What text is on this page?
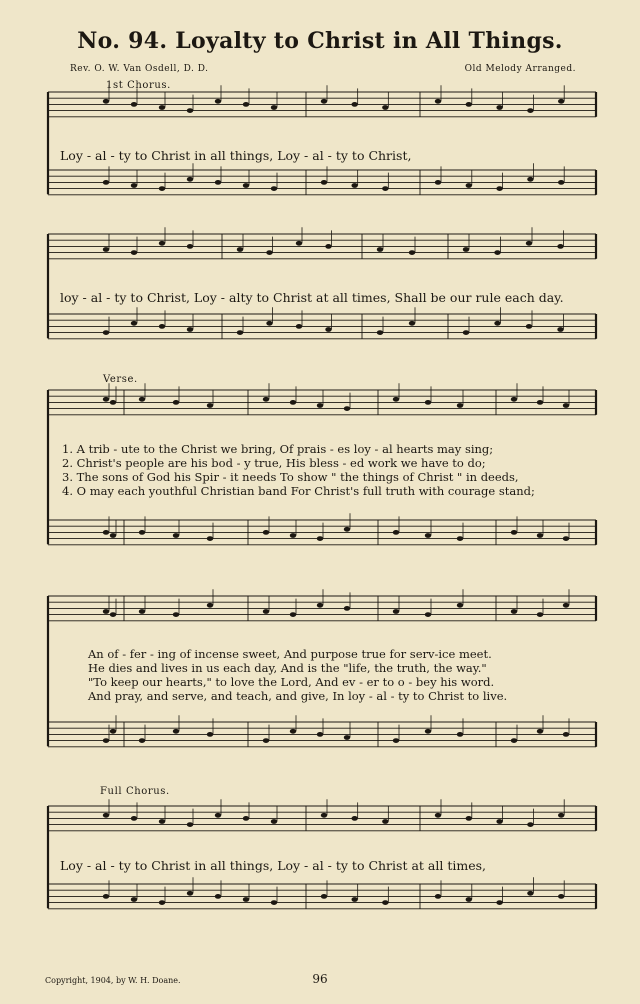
No. 94. Loyalty to Christ in All Things.
Rev. O. W. Van Osdell, D. D.	Old Melody Arranged.
1st Chorus.
Loy - al - ty to Christ in all things, Loy - al - ty to Christ,
loy - al - ty to Christ, Loy - alty to Christ at all times, Shall be our rule each day.
Verse.
1. A trib - ute to the Christ we bring, Of prais - es loy - al hearts may sing;
2. Christ's people are his bod - y true, His bless - ed work we have to do;
3. The sons of God his Spir - it needs To show " the things of Christ " in deeds,
4. O may each youthful Christian band For Christ's full truth with courage stand;
An of - fer - ing of incense sweet, And purpose true for serv-ice meet.
He dies and lives in us each day, And is the "life, the truth, the way."
"To keep our hearts," to love the Lord, And ev - er to o - bey his word.
And pray, and serve, and teach, and give, In loy - al - ty to Christ to live.
Full Chorus.
Loy - al - ty to Christ in all things, Loy - al - ty to Christ at all times,
Copyright, 1904, by W. H. Doane.	96
